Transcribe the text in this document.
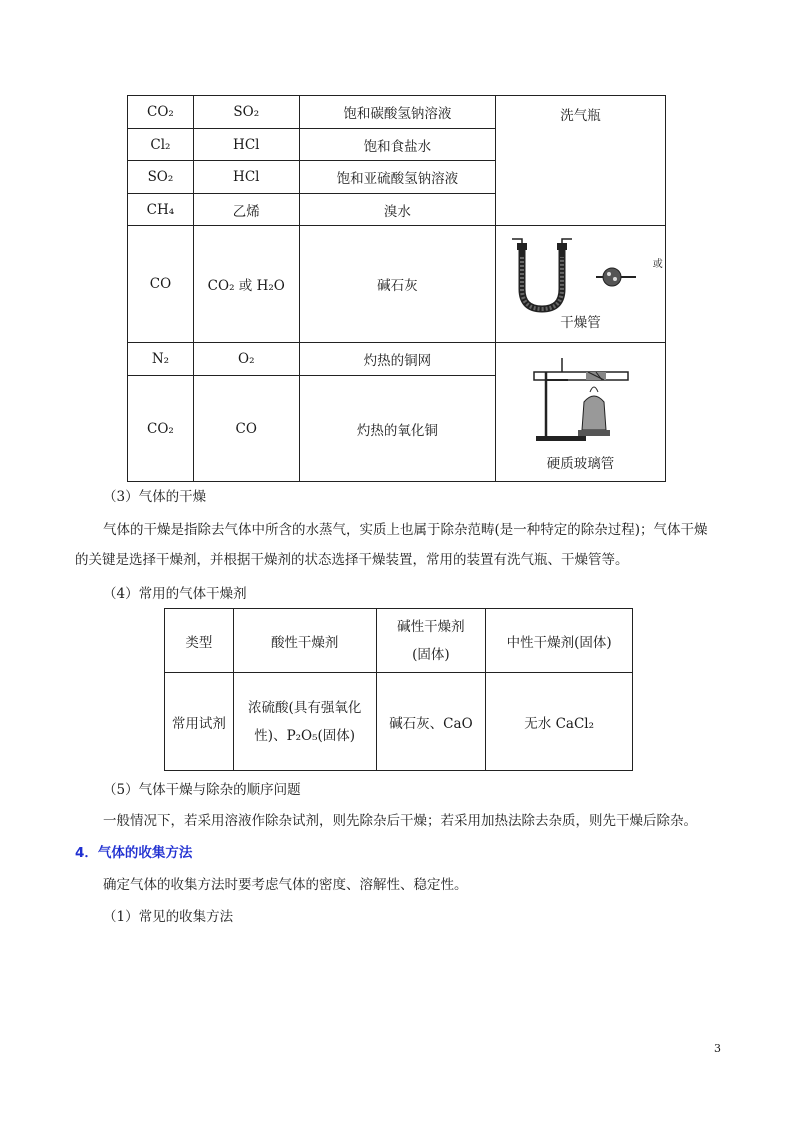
CO₂	SO₂	饱和碳酸氢钠溶液	洗气瓶
Cl₂	HCl	饱和食盐水	
SO₂	HCl	饱和亚硫酸氢钠溶液	
CH₄	乙烯	溴水	
CO	CO₂ 或 H₂O	碱石灰	$^或$
干燥管

N₂	O₂	灼热的铜网	硬质玻璃管

CO₂	CO	灼热的氧化铜	
（3）气体的干燥
气体的干燥是指除去气体中所含的水蒸气，实质上也属于除杂范畴(是一种特定的除杂过程)；气体干燥
的关键是选择干燥剂，并根据干燥剂的状态选择干燥装置，常用的装置有洗气瓶、干燥管等。
（4）常用的气体干燥剂
类型	酸性干燥剂	碱性干燥剂
(固体)	中性干燥剂(固体)
常用试剂	浓硫酸(具有强氧化
性)、P₂O₅(固体)	碱石灰、CaO	无水 CaCl₂
（5）气体干燥与除杂的顺序问题
一般情况下，若采用溶液作除杂试剂，则先除杂后干燥；若采用加热法除去杂质，则先干燥后除杂。
4．气体的收集方法
确定气体的收集方法时要考虑气体的密度、溶解性、稳定性。
（1）常见的收集方法
3
